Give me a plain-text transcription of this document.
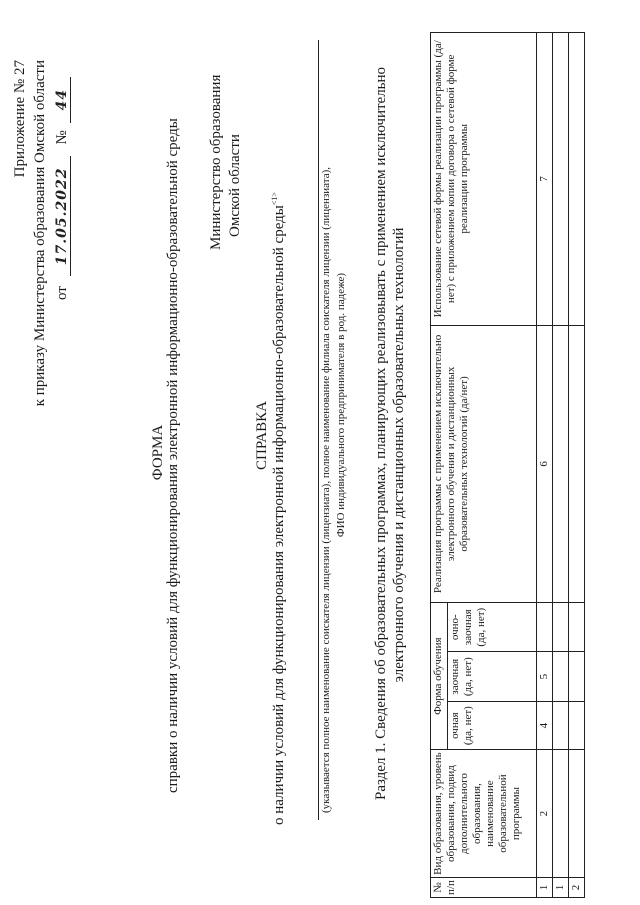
Приложение № 27 к приказу Министерства образования Омской области от 17.05.2022 № 44
ФОРМА справки о наличии условий для функционирования электронной информационно-образовательной среды Министерство образования Омской области
СПРАВКА о наличии условий для функционирования электронной информационно-образовательной среды$^{<1>}$	(указывается полное наименование соискателя лицензии (лицензиата), полное наименование филиала соискателя лицензии (лицензиата), ФИО индивидуального предпринимателя в род. падеже) Раздел 1. Сведения об образовательных программах, планирующих реализовывать с применением исключительно электронного обучения и дистанционных образовательных технологий
№ п/п	Вид образования, уровень образования, подвид дополнительного образования, наименование образовательной программы	Форма обучения			Реализация программы с применением исключительно электронного обучения и дистанционных образовательных технологий (да/нет)	Использование сетевой формы реализации программы (да/нет) с приложением копии договора о сетевой форме реализации программы
		очная (да, нет)	заочная (да, нет)	очно-заочная (да, нет)		
1	2	4	5		6	7
1						
2						
